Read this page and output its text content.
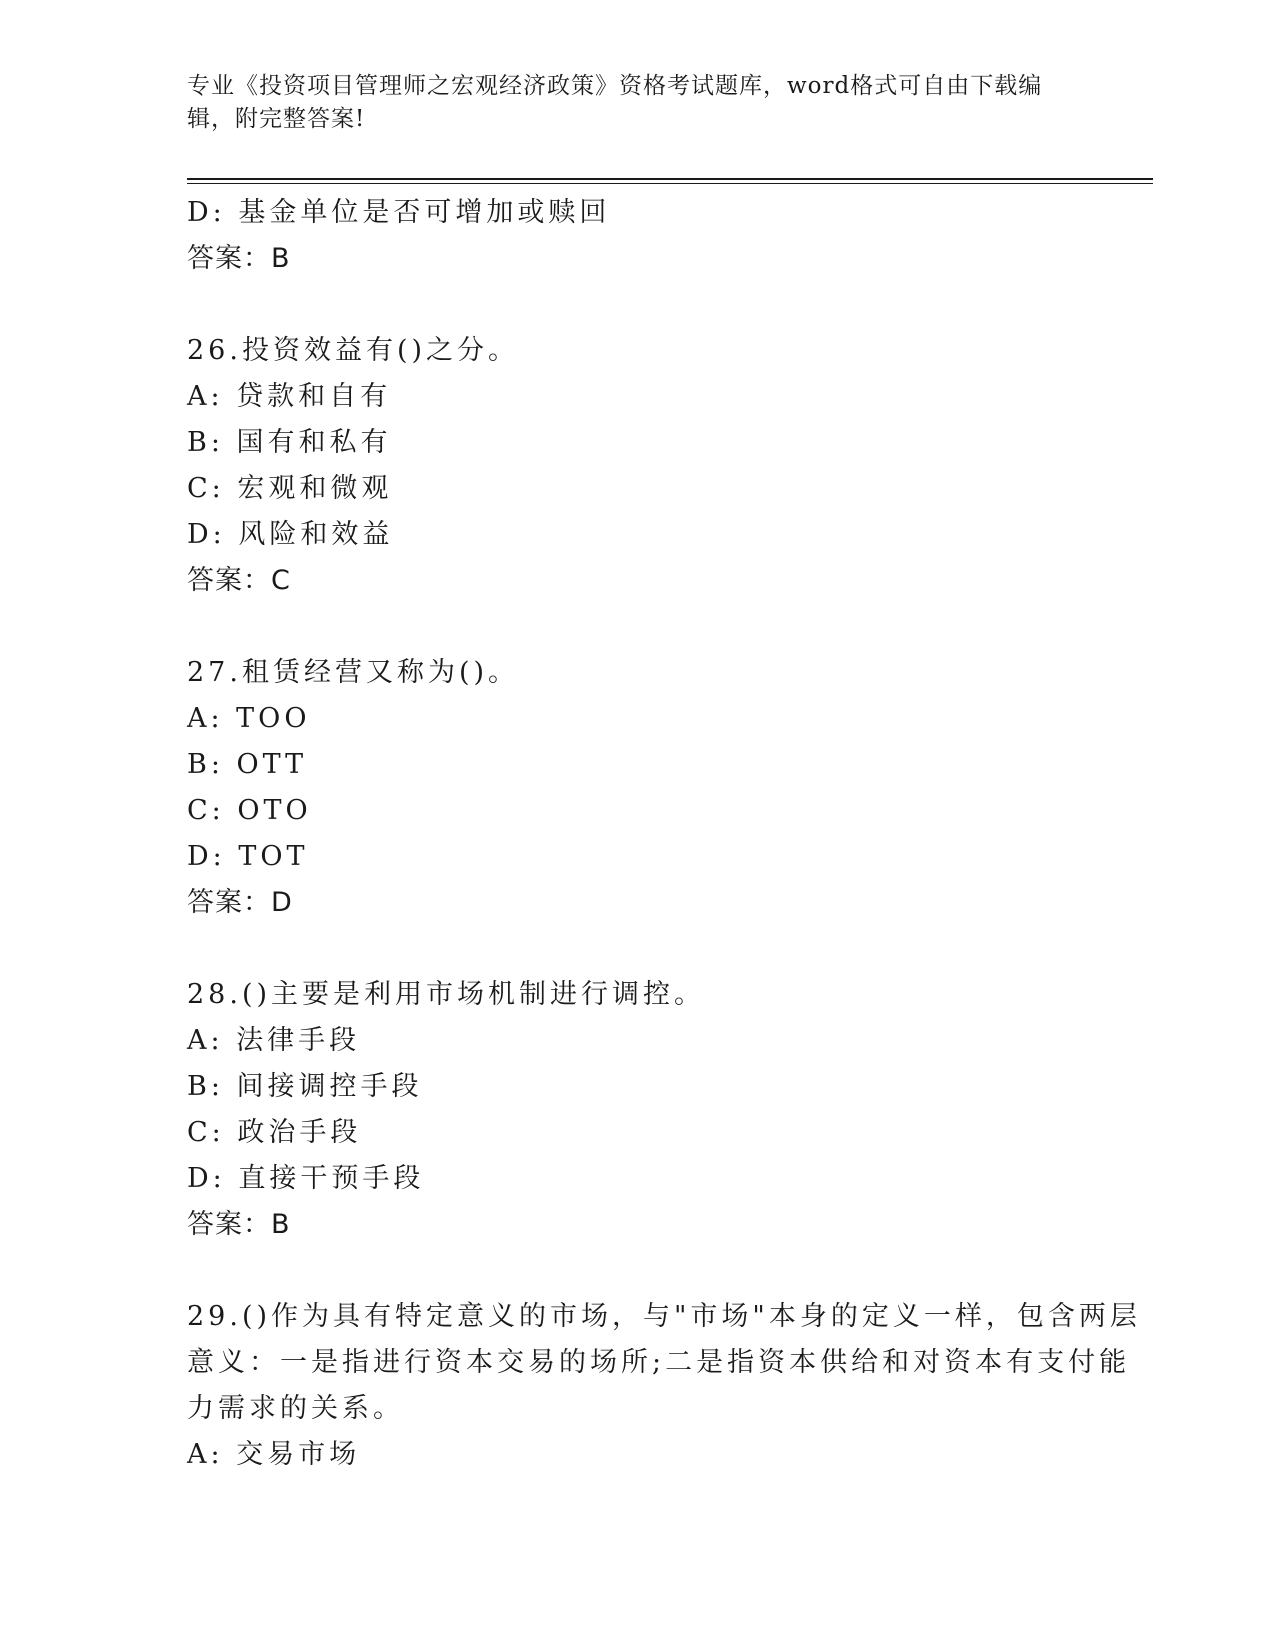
专业《投资项目管理师之宏观经济政策》资格考试题库，word格式可自由下载编
辑，附完整答案!
D: 基金单位是否可增加或赎回
答案：B
26.投资效益有()之分。
A: 贷款和自有
B: 国有和私有
C: 宏观和微观
D: 风险和效益
答案：C
27.租赁经营又称为()。
A: TOO
B: OTT
C: OTO
D: TOT
答案：D
28.()主要是利用市场机制进行调控。
A: 法律手段
B: 间接调控手段
C: 政治手段
D: 直接干预手段
答案：B
29.()作为具有特定意义的市场，与"市场"本身的定义一样，包含两层
意义：一是指进行资本交易的场所;二是指资本供给和对资本有支付能
力需求的关系。
A: 交易市场
